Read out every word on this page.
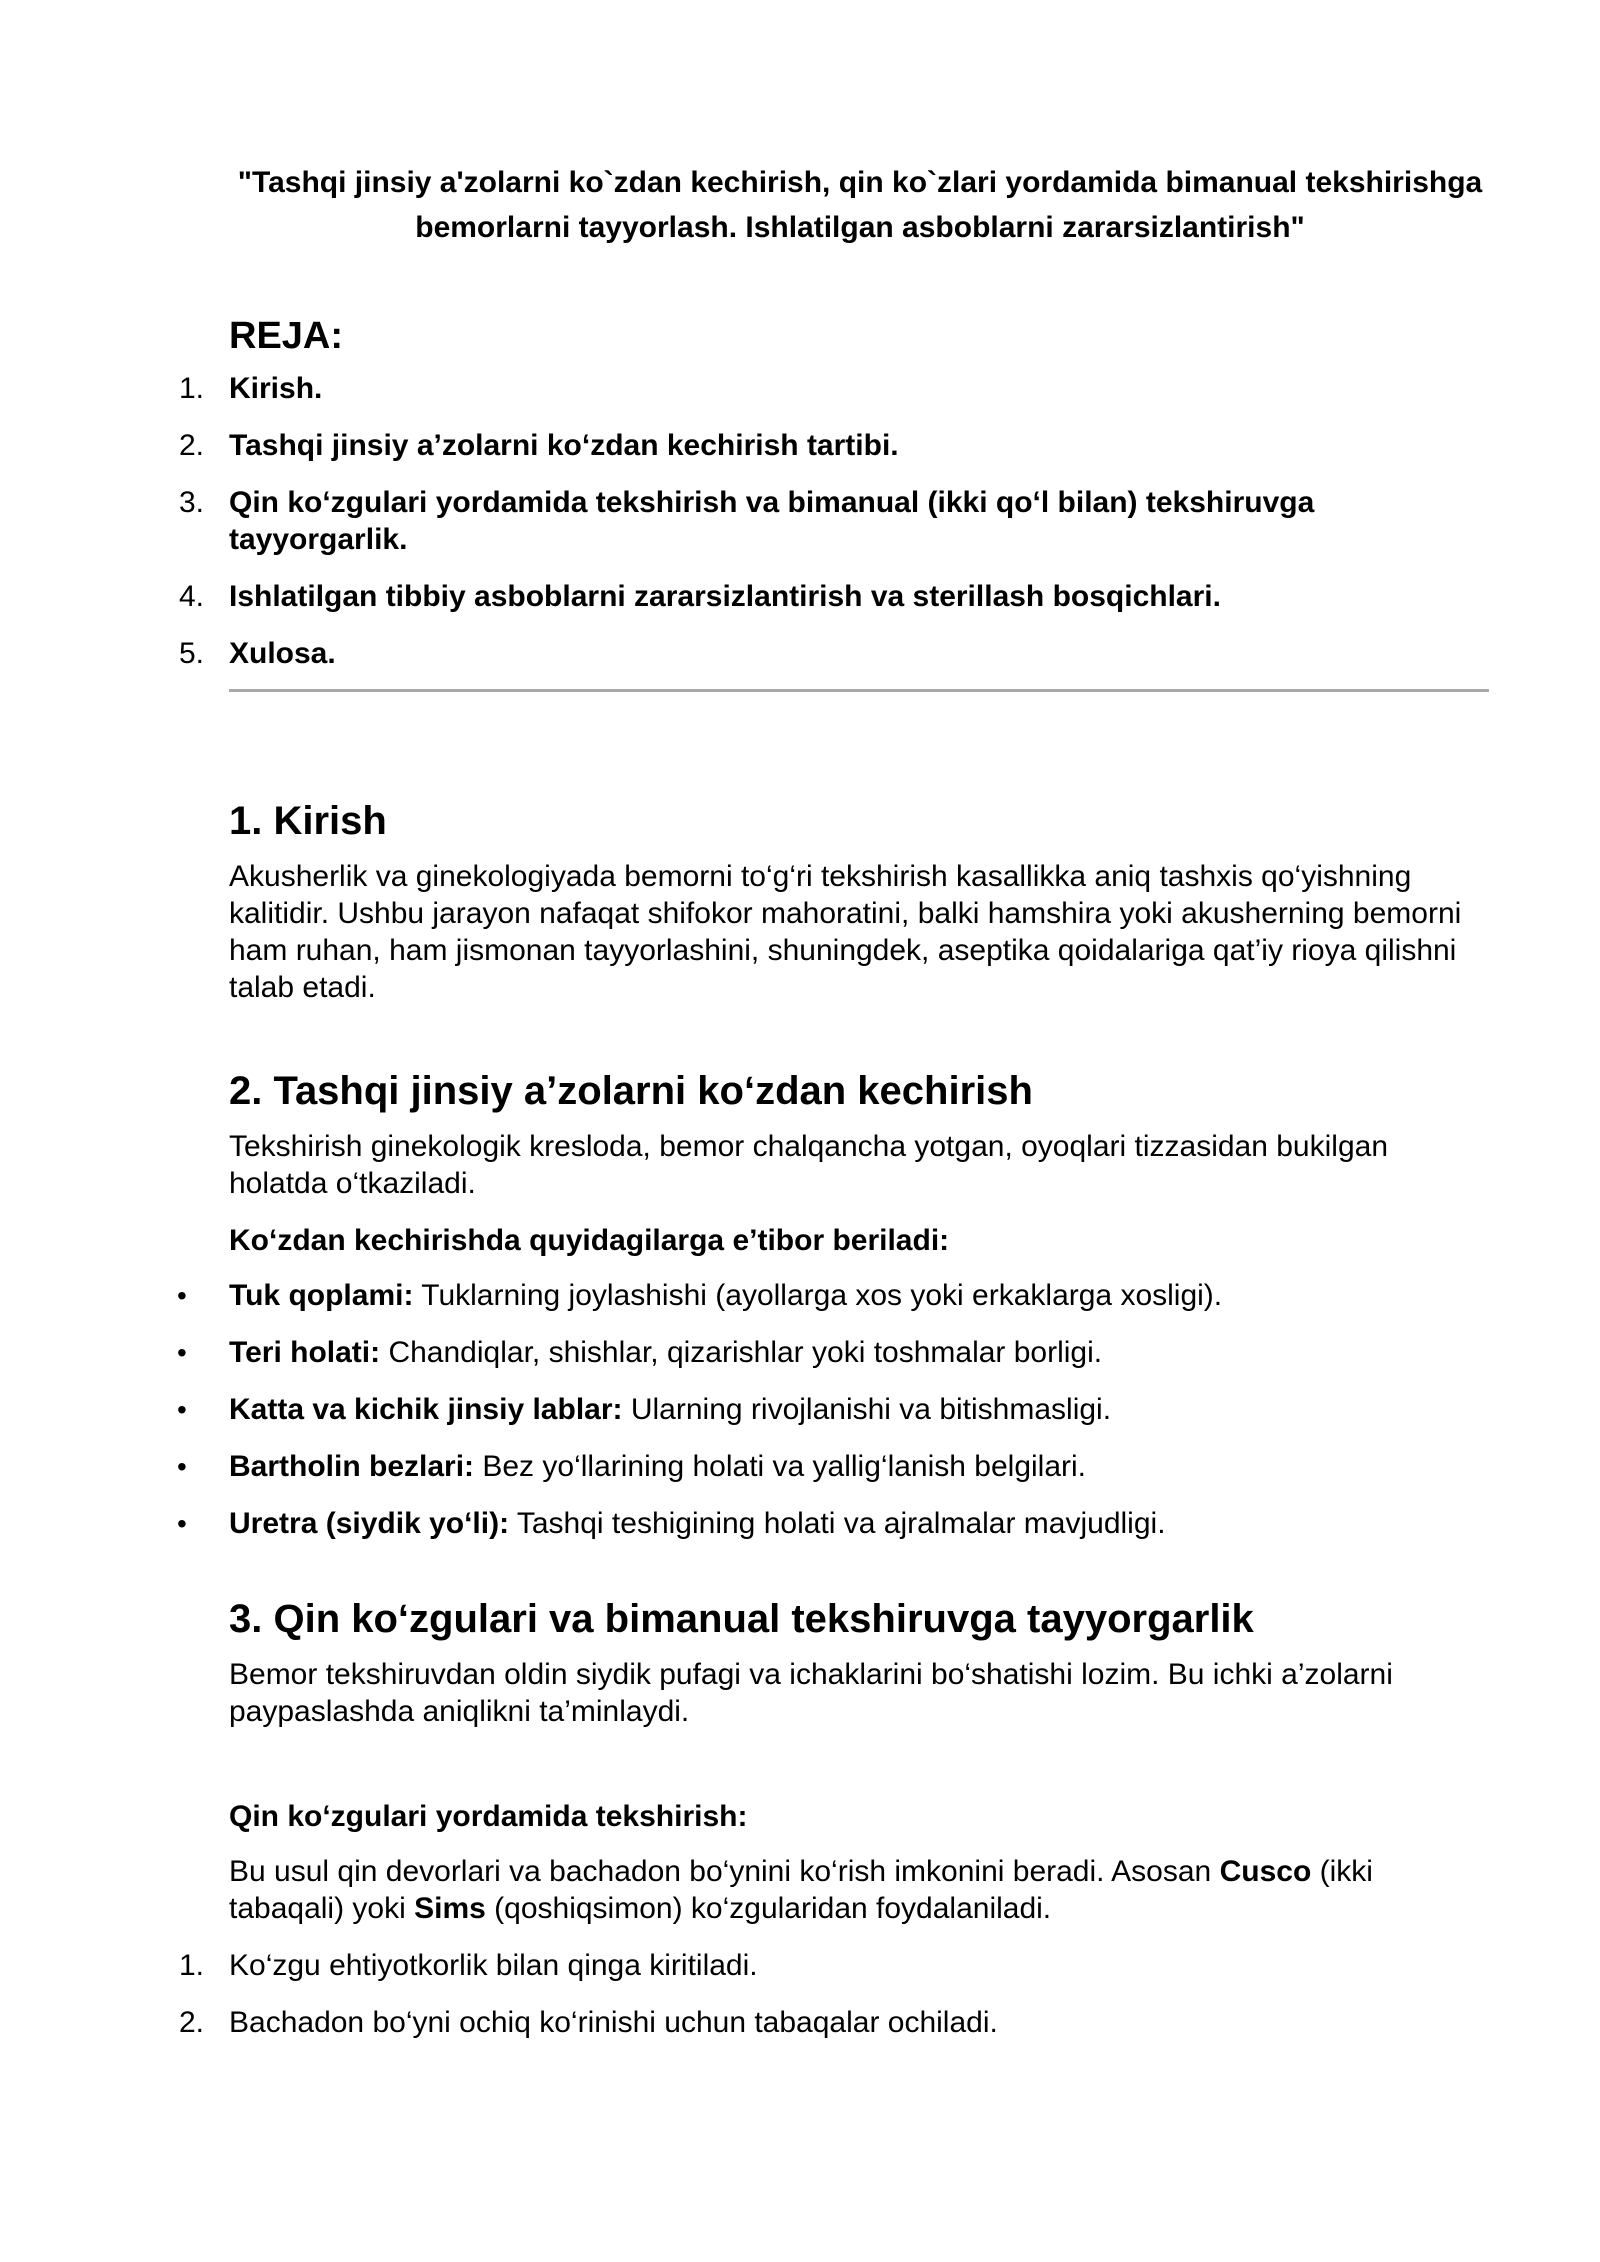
"Tashqi jinsiy a'zolarni ko`zdan kechirish, qin ko`zlari yordamida bimanual tekshirishga bemorlarni tayyorlash. Ishlatilgan asboblarni zararsizlantirish"
REJA:
1. Kirish.
2. Tashqi jinsiy a’zolarni ko‘zdan kechirish tartibi.
3. Qin ko‘zgulari yordamida tekshirish va bimanual (ikki qo‘l bilan) tekshiruvga tayyorgarlik.
4. Ishlatilgan tibbiy asboblarni zararsizlantirish va sterillash bosqichlari.
5. Xulosa.
1. Kirish

Akusherlik va ginekologiyada bemorni to‘g‘ri tekshirish kasallikka aniq tashxis qo‘yishning kalitidir. Ushbu jarayon nafaqat shifokor mahoratini, balki hamshira yoki akusherning bemorni ham ruhan, ham jismonan tayyorlashini, shuningdek, aseptika qoidalariga qat’iy rioya qilishni talab etadi.

2. Tashqi jinsiy a’zolarni ko‘zdan kechirish

Tekshirish ginekologik kresloda, bemor chalqancha yotgan, oyoqlari tizzasidan bukilgan holatda o‘tkaziladi.

Ko‘zdan kechirishda quyidagilarga e’tibor beriladi:

•	Tuk qoplami: Tuklarning joylashishi (ayollarga xos yoki erkaklarga xosligi).
•	Teri holati: Chandiqlar, shishlar, qizarishlar yoki toshmalar borligi.
•	Katta va kichik jinsiy lablar: Ularning rivojlanishi va bitishmasligi.
•	Bartholin bezlari: Bez yo‘llarining holati va yallig‘lanish belgilari.
•	Uretra (siydik yo‘li): Tashqi teshigining holati va ajralmalar mavjudligi.
3. Qin ko‘zgulari va bimanual tekshiruvga tayyorgarlik

Bemor tekshiruvdan oldin siydik pufagi va ichaklarini bo‘shatishi lozim. Bu ichki a’zolarni paypaslashda aniqlikni ta’minlaydi.

Qin ko‘zgulari yordamida tekshirish:

Bu usul qin devorlari va bachadon bo‘ynini ko‘rish imkonini beradi. Asosan Cusco (ikki tabaqali) yoki Sims (qoshiqsimon) ko‘zgularidan foydalaniladi.

1. Ko‘zgu ehtiyotkorlik bilan qinga kiritiladi.
2. Bachadon bo‘yni ochiq ko‘rinishi uchun tabaqalar ochiladi.
